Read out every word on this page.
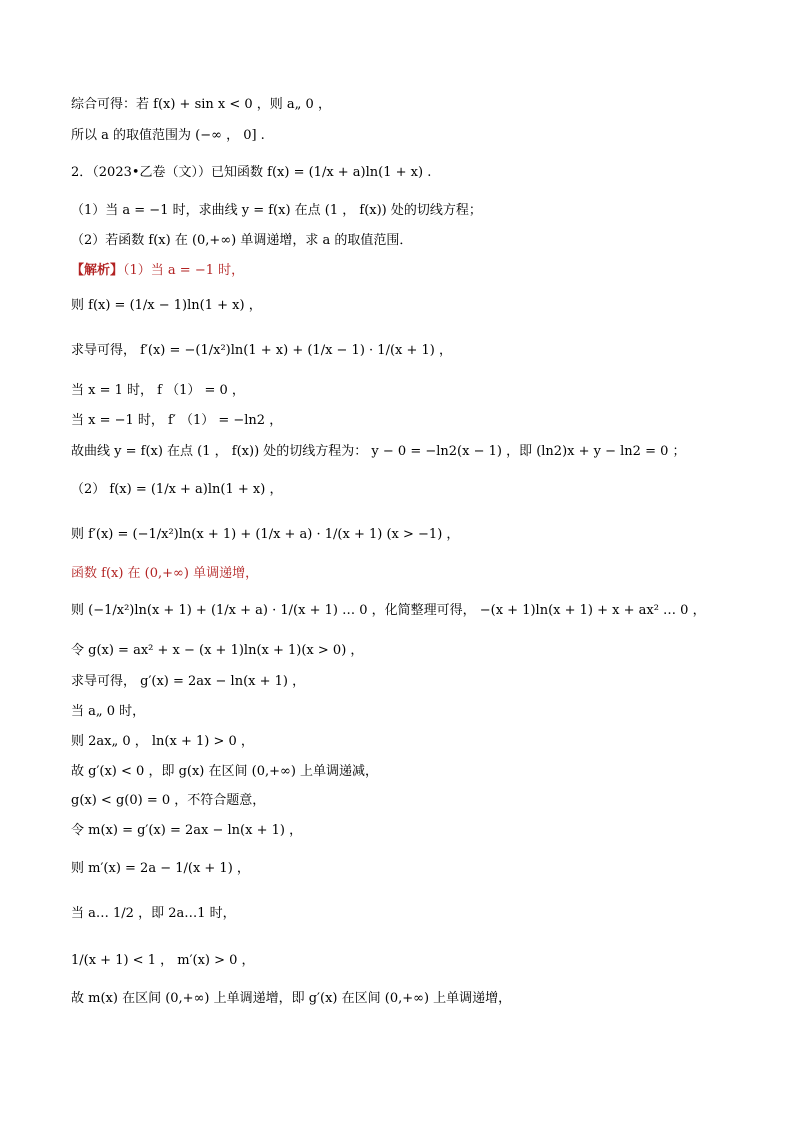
综合可得：若 f(x) + sin x < 0 ，则 a„ 0 ，
所以 a 的取值范围为 (−∞ ， 0] .
2．（2023•乙卷（文））已知函数 f(x) = (1/x + a)ln(1 + x) .
（1）当 a = −1 时，求曲线 y = f(x) 在点 (1 ， f(x)) 处的切线方程；
（2）若函数 f(x) 在 (0,+∞) 单调递增，求 a 的取值范围．
【解析】（1）当 a = −1 时，
则 f(x) = (1/x − 1)ln(1 + x) ，
求导可得， f′(x) = −(1/x²)ln(1 + x) + (1/x − 1) · 1/(x + 1) ，
当 x = 1 时， f （1） = 0 ，
当 x = −1 时， f′ （1） = −ln2 ，
故曲线 y = f(x) 在点 (1 ， f(x)) 处的切线方程为： y − 0 = −ln2(x − 1) ，即 (ln2)x + y − ln2 = 0 ；
（2） f(x) = (1/x + a)ln(1 + x) ，
则 f′(x) = (−1/x²)ln(x + 1) + (1/x + a) · 1/(x + 1) (x > −1) ，
函数 f(x) 在 (0,+∞) 单调递增，
则 (−1/x²)ln(x + 1) + (1/x + a) · 1/(x + 1) … 0 ，化简整理可得， −(x + 1)ln(x + 1) + x + ax² … 0 ，
令 g(x) = ax² + x − (x + 1)ln(x + 1)(x > 0) ，
求导可得， g′(x) = 2ax − ln(x + 1) ，
当 a„ 0 时，
则 2ax„ 0 ， ln(x + 1) > 0 ，
故 g′(x) < 0 ，即 g(x) 在区间 (0,+∞) 上单调递减，
g(x) < g(0) = 0 ，不符合题意，
令 m(x) = g′(x) = 2ax − ln(x + 1) ，
则 m′(x) = 2a − 1/(x + 1) ，
当 a… 1/2 ，即 2a…1 时，
1/(x + 1) < 1 ， m′(x) > 0 ，
故 m(x) 在区间 (0,+∞) 上单调递增，即 g′(x) 在区间 (0,+∞) 上单调递增，
